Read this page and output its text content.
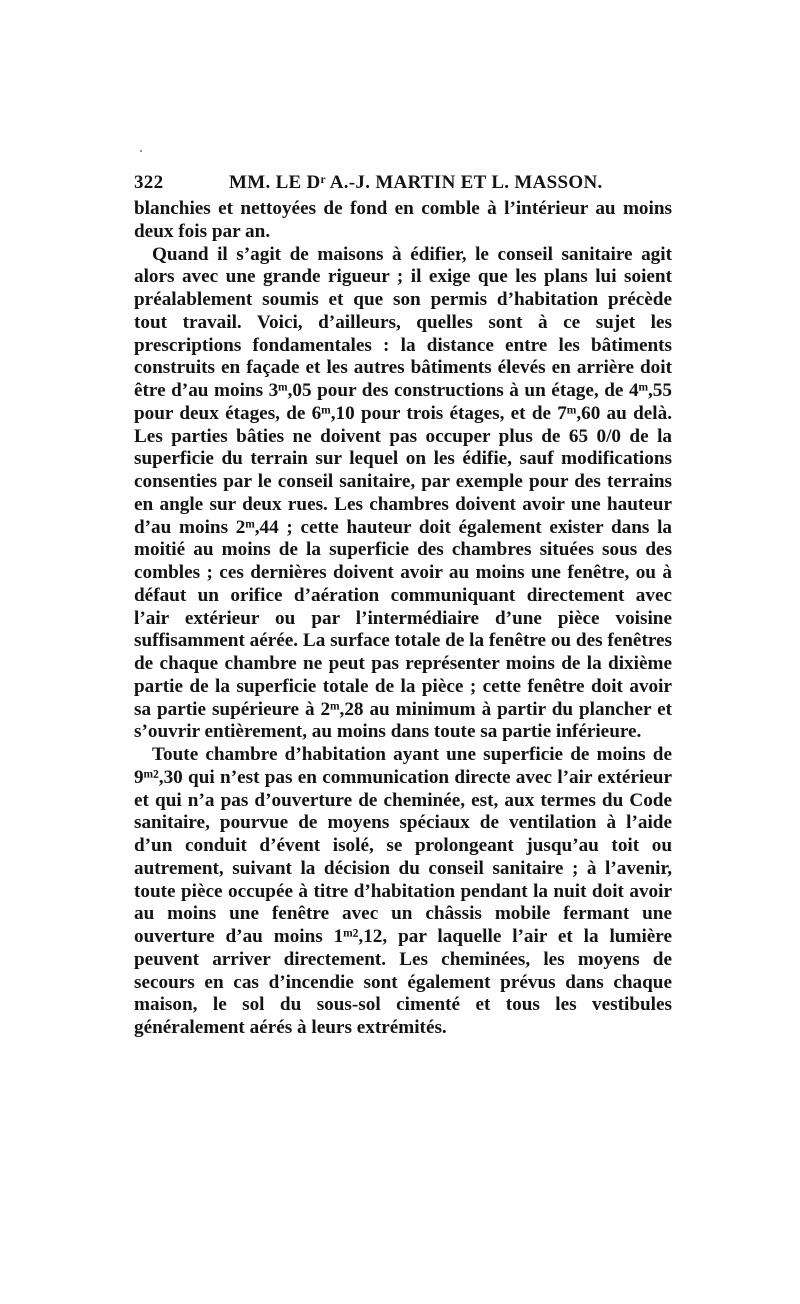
322	MM. LE Dʳ A.-J. MARTIN ET L. MASSON.

blanchies et nettoyées de fond en comble à l’intérieur au moins deux fois par an.

Quand il s’agit de maisons à édifier, le conseil sanitaire agit alors avec une grande rigueur ; il exige que les plans lui soient préalablement soumis et que son permis d’habitation précède tout travail. Voici, d’ailleurs, quelles sont à ce sujet les prescriptions fondamentales : la distance entre les bâtiments construits en façade et les autres bâtiments élevés en arrière doit être d’au moins 3ᵐ,05 pour des constructions à un étage, de 4ᵐ,55 pour deux étages, de 6ᵐ,10 pour trois étages, et de 7ᵐ,60 au delà. Les parties bâties ne doivent pas occuper plus de 65 0/0 de la superficie du terrain sur lequel on les édifie, sauf modifications consenties par le conseil sanitaire, par exemple pour des terrains en angle sur deux rues. Les chambres doivent avoir une hauteur d’au moins 2ᵐ,44 ; cette hauteur doit également exister dans la moitié au moins de la superficie des chambres situées sous des combles ; ces dernières doivent avoir au moins une fenêtre, ou à défaut un orifice d’aération communiquant directement avec l’air extérieur ou par l’intermédiaire d’une pièce voisine suffisamment aérée. La surface totale de la fenêtre ou des fenêtres de chaque chambre ne peut pas représenter moins de la dixième partie de la superficie totale de la pièce ; cette fenêtre doit avoir sa partie supérieure à 2ᵐ,28 au minimum à partir du plancher et s’ouvrir entièrement, au moins dans toute sa partie inférieure.

Toute chambre d’habitation ayant une superficie de moins de 9ᵐ²,30 qui n’est pas en communication directe avec l’air extérieur et qui n’a pas d’ouverture de cheminée, est, aux termes du Code sanitaire, pourvue de moyens spéciaux de ventilation à l’aide d’un conduit d’évent isolé, se prolongeant jusqu’au toit ou autrement, suivant la décision du conseil sanitaire ; à l’avenir, toute pièce occupée à titre d’habitation pendant la nuit doit avoir au moins une fenêtre avec un châssis mobile fermant une ouverture d’au moins 1ᵐ²,12, par laquelle l’air et la lumière peuvent arriver directement. Les cheminées, les moyens de secours en cas d’incendie sont également prévus dans chaque maison, le sol du sous-sol cimenté et tous les vestibules généralement aérés à leurs extrémités.
